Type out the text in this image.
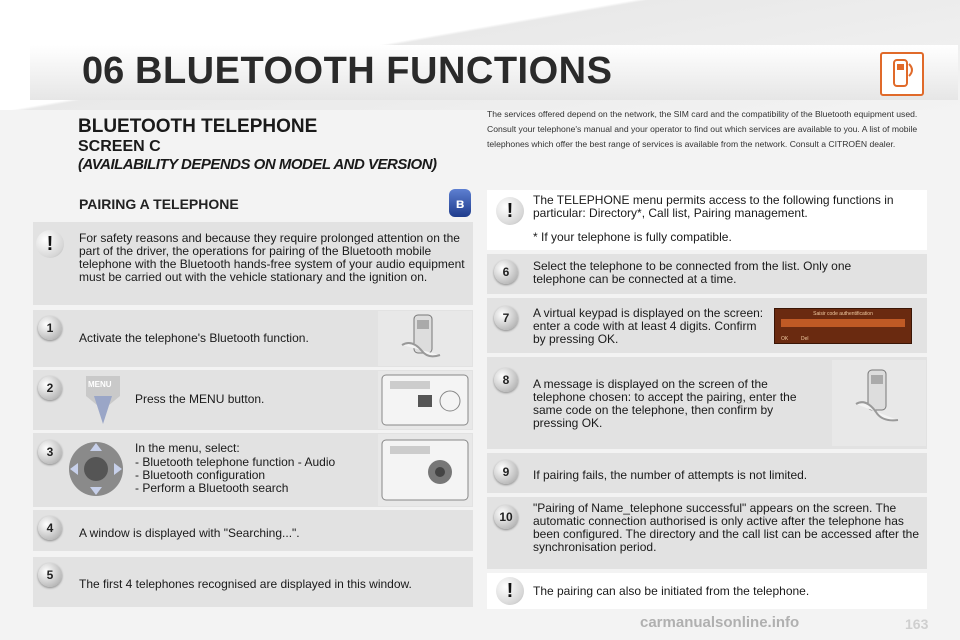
06 BLUETOOTH FUNCTIONS
BLUETOOTH TELEPHONE
SCREEN C
(AVAILABILITY DEPENDS ON MODEL AND VERSION)
The services offered depend on the network, the SIM card and the compatibility of the Bluetooth equipment used. Consult your telephone's manual and your operator to find out which services are available to you. A list of mobile telephones which offer the best range of services is available from the network. Consult a CITROËN dealer.
PAIRING A TELEPHONE	ʙ
!	For safety reasons and because they require prolonged attention on the part of the driver, the operations for pairing of the Bluetooth mobile telephone with the Bluetooth hands-free system of your audio equipment must be carried out with the vehicle stationary and the ignition on.
1
Activate the telephone's Bluetooth function.
2	MENU
Press the MENU button.
3	In the menu, select:
- Bluetooth telephone function - Audio
- Bluetooth configuration
- Perform a Bluetooth search
4	A window is displayed with "Searching...".
5
The first 4 telephones recognised are displayed in this window.
!	The TELEPHONE menu permits access to the following functions in particular: Directory*, Call list, Pairing management.
* If your telephone is fully compatible.
6	Select the telephone to be connected from the list. Only one telephone can be connected at a time.
7	A virtual keypad is displayed on the screen: enter a code with at least 4 digits. Confirm by pressing OK.
Saisir code authentification
OK	Del
8	A message is displayed on the screen of the telephone chosen: to accept the pairing, enter the same code on the telephone, then confirm by pressing OK.
9	If pairing fails, the number of attempts is not limited.
10
"Pairing of Name_telephone successful" appears on the screen. The automatic connection authorised is only active after the telephone has been configured. The directory and the call list can be accessed after the synchronisation period.
!	The pairing can also be initiated from the telephone.
carmanualsonline.info	163
